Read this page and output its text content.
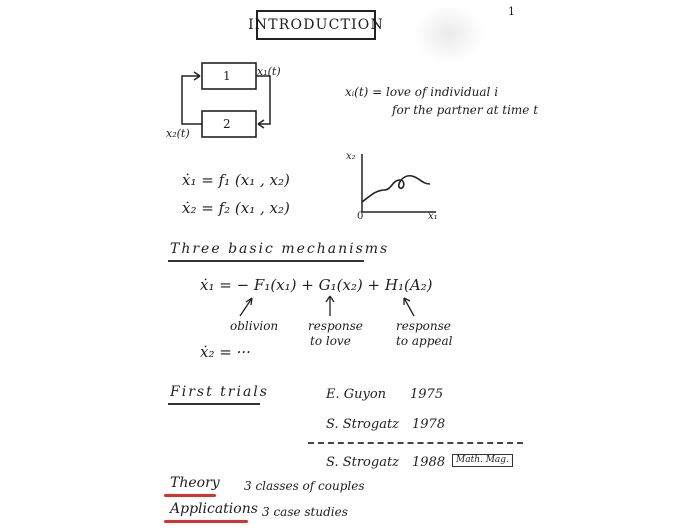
INTRODUCTION
1
1
2
x₁(t)
x₂(t)
xᵢ(t) = love of individual i
for the partner at time t
ẋ₁ = f₁ (x₁ , x₂)
ẋ₂ = f₂ (x₁ , x₂)
x₂
x₁
0
Three basic mechanisms
ẋ₁ = − F₁(x₁) + G₁(x₂) + H₁(A₂)
oblivion response
to love
response
to appeal
ẋ₂ = ···
First trials	E. Guyon 1975
S. Strogatz 1978
S. Strogatz 1988	Math. Mag.
Theory 3 classes of couples
Applications 3 case studies
